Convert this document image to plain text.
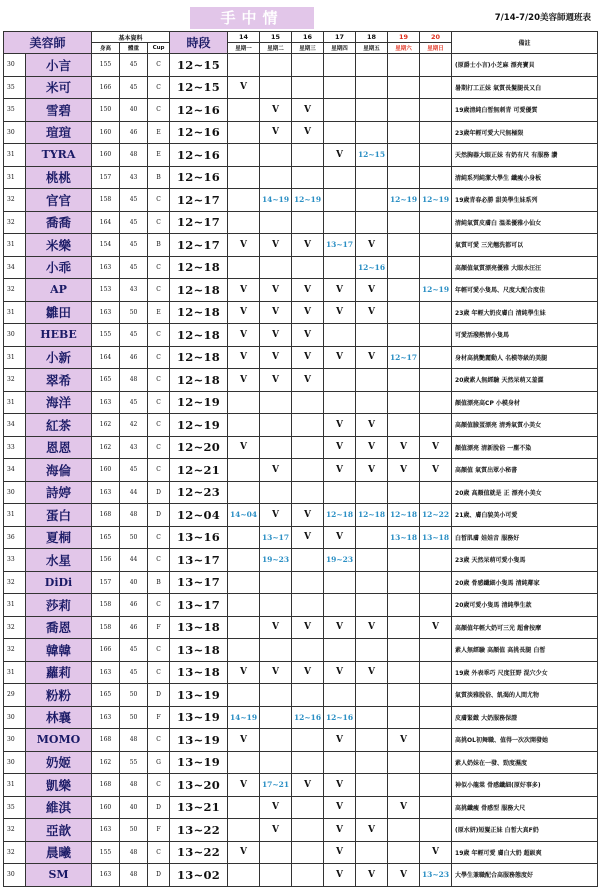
手中情	7/14-7/20美容師週班表
美容師		基本資料			時段	14	15	16	17	18	19	20	備註
		身高	體重	Cup		星期一	星期二	星期三	星期四	星期五	星期六	星期日	
30	小言	155	45	C	12~15								(原爵士小言)小芝麻 漂亮寶貝
35	米可	166	45	C	12~15	V							暑期打工正妹 氣質長髮腿長又白
35	雪碧	150	40	C	12~16		V	V					19歲清純白皙無刺青 可愛優質
30	瑄瑄	160	46	E	12~16		V	V					23歲年輕可愛大尺無極限
31	TYRA	160	48	E	12~16				V	12~15			天然胸器大眼正妹 有奶有尺 有服務 讚
31	桃桃	157	43	B	12~16								清純系列純潔大學生 纖瘦小身板
32	官官	158	45	C	12~17		14~19	12~19			12~19	12~19	19歲青春必勝 甜美學生妹系列
32	喬喬	164	45	C	12~17								清純氣質皮膚白 溫柔優雅小仙女
31	米樂	154	45	B	12~17	V	V	V	13~17	V			氣質可愛 三光翹洗都可以
34	小乖	163	45	C	12~18					12~16			高顏值氣質漂亮優雅 大眼水汪汪
32	AP	153	43	C	12~18	V	V	V	V	V		12~19	年輕可愛小隻馬、尺度大配合度佳
31	雛田	163	50	E	12~18	V	V	V	V	V			23歲 年輕大奶皮膚白 清純學生妹
30	HEBE	155	45	C	12~18	V	V	V					可愛活潑熱情小隻馬
31	小新	164	46	C	12~18	V	V	V	V	V	12~17		身材高挑艷麗動人 名模等級的美腿
32	翠希	165	48	C	12~18	V	V	V					20歲素人無經驗 天然呆萌又羞澀
31	海洋	163	45	C	12~19								顏值漂亮高CP 小模身材
34	紅茶	162	42	C	12~19				V	V			高顏值臉蛋漂亮 清秀氣質小美女
33	恩恩	162	43	C	12~20	V			V	V	V	V	顏值漂亮 清新脫俗 一塵不染
34	海倫	160	45	C	12~21		V		V	V	V	V	高顏值 氣質出眾小秘書
30	詩婷	163	44	D	12~23								20歲 高顏值就是 正 漂亮小美女
31	蛋白	168	48	D	12~04	14~04	V	V	12~18	12~18	12~18	12~22	21歲、膚白貌美小可愛
36	夏桐	165	50	C	13~16		13~17	V	V		13~18	13~18	白皙肌膚 娃娃音 服務好
33	水星	156	44	C	13~17		19~23		19~23				23歲 天然呆萌可愛小隻馬
32	DiDi	157	40	B	13~17								20歲 骨感纖細小隻馬 清純鄰家
31	莎莉	158	46	C	13~17								20歲可愛小隻馬 清純學生款
32	喬恩	158	46	F	13~18		V	V	V	V		V	高顏值年輕大奶可三光 超會按摩
32	韓韓	166	45	C	13~18								素人無經驗 高顏值 高挑長腿 白皙
31	蘿莉	163	45	C	13~18	V	V	V	V	V			19歲 外表乖巧 尺度狂野 混穴少女
29	粉粉	165	50	D	13~19								氣質淡雅脫俗、飢渴的人間尤物
30	林襄	163	50	F	13~19	14~19		12~16	12~16				皮膚緊緻 大奶服務保證
30	MOMO	168	48	C	13~19	V			V		V		高挑OL初舞職、值得一次次開發她
30	奶姬	162	55	G	13~19								素人奶妹在一發、勁度濕度
31	凱樂	168	48	C	13~20	V	17~21	V	V				神似小龍棠 骨感纖細(原好事多)
35	維淇	160	40	D	13~21		V		V		V		高挑纖瘦 骨感型 服務大尺
32	亞歆	163	50	F	13~22		V		V	V			(原水妍)短髮正妹 白皙大真F奶
32	晨曦	155	48	C	13~22	V			V			V	19歲 年輕可愛 膚白大奶 超級爽
30	SM	163	48	D	13~02				V	V	V	13~23	大學生兼職配合高服務態度好
